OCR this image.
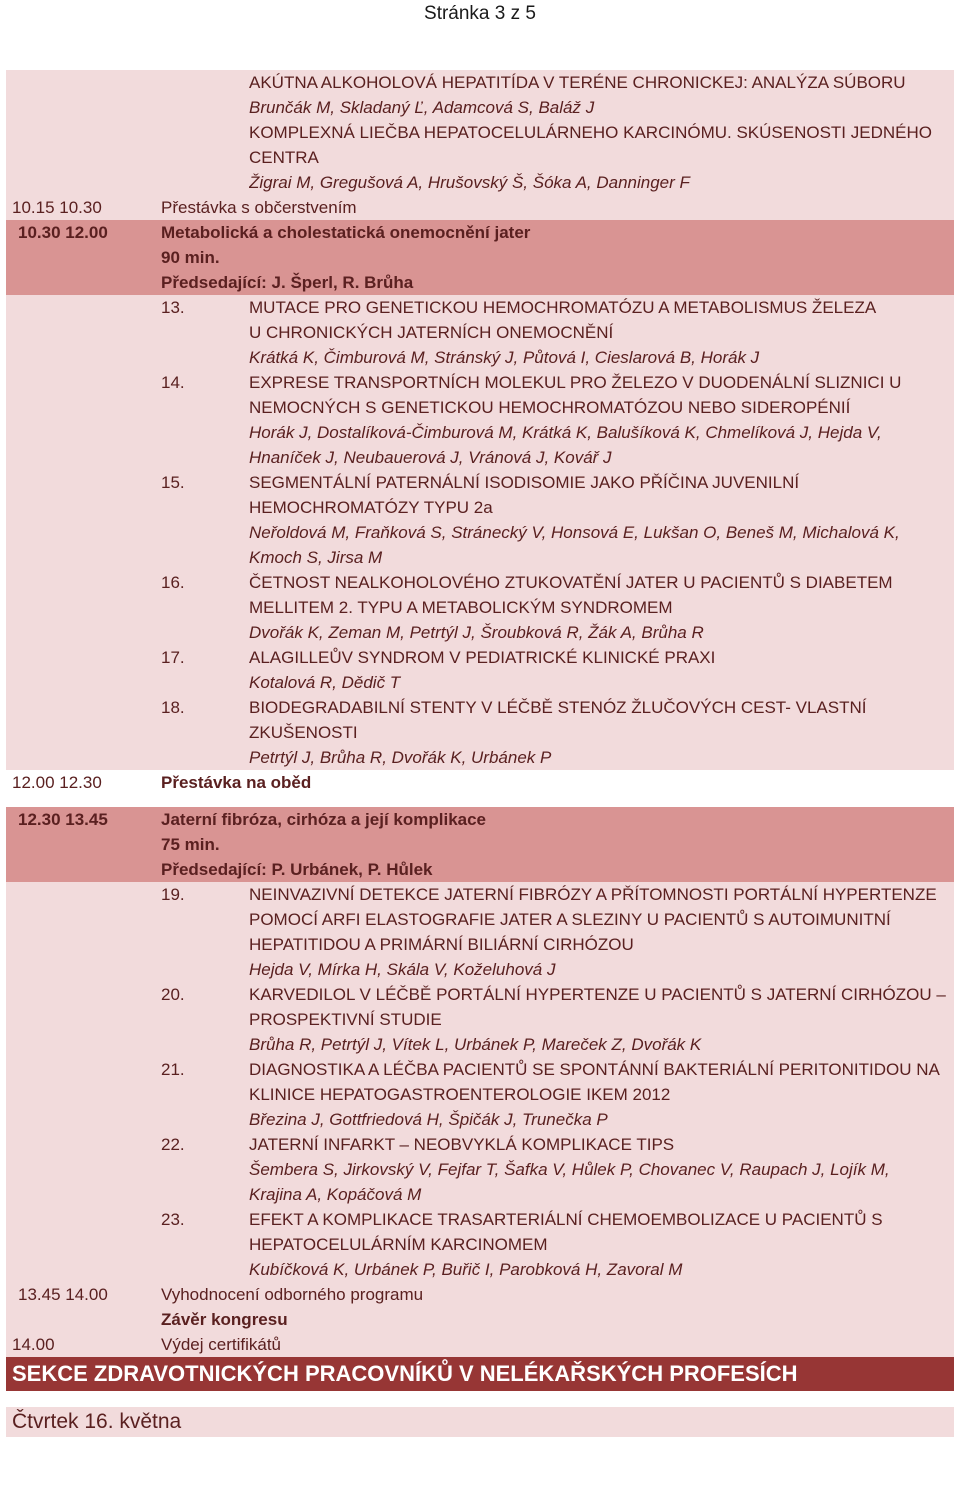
Stránka 3 z 5
AKÚTNA ALKOHOLOVÁ HEPATITÍDA V TERÉNE CHRONICKEJ: ANALÝZA SÚBORU
Brunčák M, Skladaný Ľ, Adamcová S, Baláž J
KOMPLEXNÁ LIEČBA HEPATOCELULÁRNEHO KARCINÓMU. SKÚSENOSTI JEDNÉHO
CENTRA
Žigrai M, Gregušová A, Hrušovský Š, Šóka A, Danninger F
10.15 10.30	Přestávka s občerstvením
10.30 12.00	Metabolická a cholestatická onemocnění jater
90 min.
Předsedající: J. Šperl, R. Brůha
13.	MUTACE PRO GENETICKOU HEMOCHROMATÓZU A METABOLISMUS ŽELEZA
U CHRONICKÝCH JATERNÍCH ONEMOCNĚNÍ
Krátká K, Čimburová M, Stránský J, Půtová I, Cieslarová B, Horák J
14.	EXPRESE TRANSPORTNÍCH MOLEKUL PRO ŽELEZO V DUODENÁLNÍ SLIZNICI U
NEMOCNÝCH S GENETICKOU HEMOCHROMATÓZOU NEBO SIDEROPÉNIÍ
Horák J, Dostalíková-Čimburová M, Krátká K, Balušíková K, Chmelíková J, Hejda V,
Hnaníček J, Neubauerová J, Vránová J, Kovář J
15.	SEGMENTÁLNÍ PATERNÁLNÍ ISODISOMIE JAKO PŘÍČINA JUVENILNÍ
HEMOCHROMATÓZY TYPU 2a
Neřoldová M, Fraňková S, Stránecký V, Honsová E, Lukšan O, Beneš M, Michalová K,
Kmoch S, Jirsa M
16.	ČETNOST NEALKOHOLOVÉHO ZTUKOVATĚNÍ JATER U PACIENTŮ S DIABETEM
MELLITEM 2. TYPU A METABOLICKÝM SYNDROMEM
Dvořák K, Zeman M, Petrtýl J, Šroubková R, Žák A, Brůha R
17.	ALAGILLEŮV SYNDROM V PEDIATRICKÉ KLINICKÉ PRAXI
Kotalová R, Dědič T
18.	BIODEGRADABILNÍ STENTY V LÉČBĚ STENÓZ ŽLUČOVÝCH CEST- VLASTNÍ
ZKUŠENOSTI
Petrtýl J, Brůha R, Dvořák K, Urbánek P
12.00 12.30	Přestávka na oběd
12.30 13.45	Jaterní fibróza, cirhóza a její komplikace
75 min.
Předsedající: P. Urbánek, P. Hůlek
19.	NEINVAZIVNÍ DETEKCE JATERNÍ FIBRÓZY A PŘÍTOMNOSTI PORTÁLNÍ HYPERTENZE
POMOCÍ ARFI ELASTOGRAFIE JATER A SLEZINY U PACIENTŮ S AUTOIMUNITNÍ
HEPATITIDOU A PRIMÁRNÍ BILIÁRNÍ CIRHÓZOU
Hejda V, Mírka H, Skála V, Koželuhová J
20.	KARVEDILOL V LÉČBĚ PORTÁLNÍ HYPERTENZE U PACIENTŮ S JATERNÍ CIRHÓZOU –
PROSPEKTIVNÍ STUDIE
Brůha R, Petrtýl J, Vítek L, Urbánek P, Mareček Z, Dvořák K
21.	DIAGNOSTIKA A LÉČBA PACIENTŮ SE SPONTÁNNÍ BAKTERIÁLNÍ PERITONITIDOU NA
KLINICE HEPATOGASTROENTEROLOGIE IKEM 2012
Březina J, Gottfriedová H, Špičák J, Trunečka P
22.	JATERNÍ INFARKT – NEOBVYKLÁ KOMPLIKACE TIPS
Šembera S, Jirkovský V, Fejfar T, Šafka V, Hůlek P, Chovanec V, Raupach J, Lojík M,
Krajina A, Kopáčová M
23.	EFEKT A KOMPLIKACE TRASARTERIÁLNÍ CHEMOEMBOLIZACE U PACIENTŮ S
HEPATOCELULÁRNÍM KARCINOMEM
Kubíčková K, Urbánek P, Buřič I, Parobková H, Zavoral M
13.45 14.00	Vyhodnocení odborného programu
Závěr kongresu
14.00	Výdej certifikátů
SEKCE ZDRAVOTNICKÝCH PRACOVNÍKŮ V NELÉKAŘSKÝCH PROFESÍCH
Čtvrtek 16. května
